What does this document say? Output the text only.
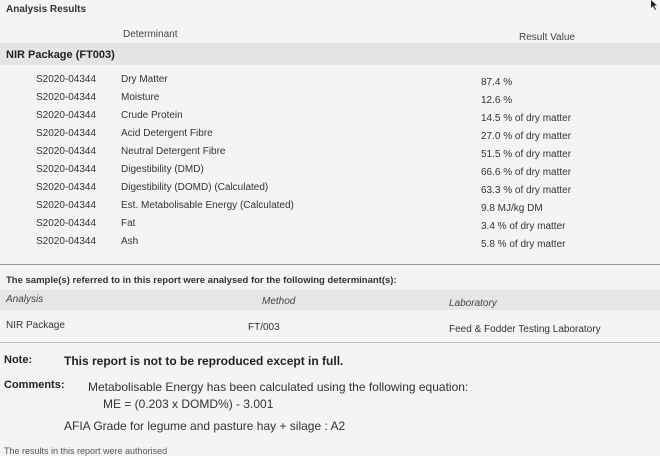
Analysis Results
Determinant	Result Value
NIR Package (FT003)
S2020-04344 Dry Matter	87.4 %
S2020-04344 Moisture	12.6 %
S2020-04344 Crude Protein	14.5 % of dry matter
S2020-04344 Acid Detergent Fibre	27.0 % of dry matter
S2020-04344 Neutral Detergent Fibre	51.5 % of dry matter
S2020-04344 Digestibility (DMD)	66.6 % of dry matter
S2020-04344 Digestibility (DOMD) (Calculated)	63.3 % of dry matter
S2020-04344 Est. Metabolisable Energy (Calculated)	9.8 MJ/kg DM
S2020-04344 Fat	3.4 % of dry matter
S2020-04344 Ash	5.8 % of dry matter
The sample(s) referred to in this report were analysed for the following determinant(s):
Analysis	Method	Laboratory
NIR Package	FT/003	Feed & Fodder Testing Laboratory
Note:	This report is not to be reproduced except in full.
Comments: Metabolisable Energy has been calculated using the following equation:
ME = (0.203 x DOMD%) - 3.001
AFIA Grade for legume and pasture hay + silage : A2
The results in this report were authorised
